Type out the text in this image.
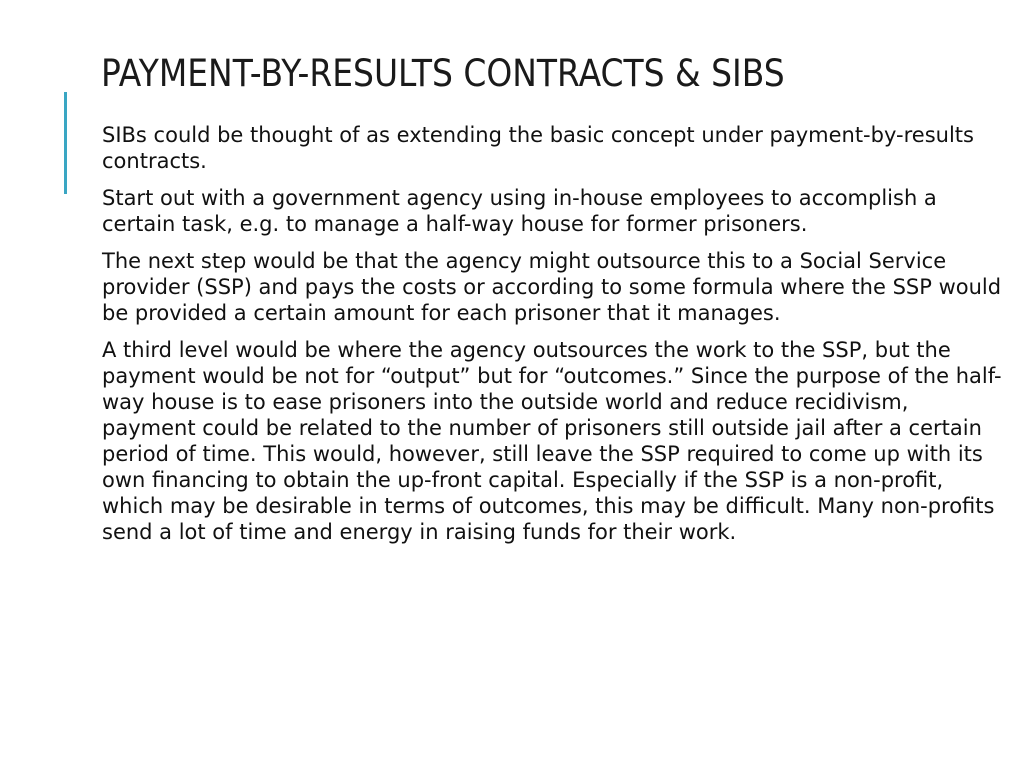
PAYMENT-BY-RESULTS CONTRACTS & SIBS

SIBs could be thought of as extending the basic concept under payment-by-results contracts.

Start out with a government agency using in-house employees to accomplish a certain task, e.g. to manage a half-way house for former prisoners.

The next step would be that the agency might outsource this to a Social Service provider (SSP) and pays the costs or according to some formula where the SSP would be provided a certain amount for each prisoner that it manages.

A third level would be where the agency outsources the work to the SSP, but the payment would be not for “output” but for “outcomes.” Since the purpose of the half-way house is to ease prisoners into the outside world and reduce recidivism, payment could be related to the number of prisoners still outside jail after a certain period of time. This would, however, still leave the SSP required to come up with its own financing to obtain the up-front capital. Especially if the SSP is a non-profit, which may be desirable in terms of outcomes, this may be difficult. Many non-profits send a lot of time and energy in raising funds for their work.
